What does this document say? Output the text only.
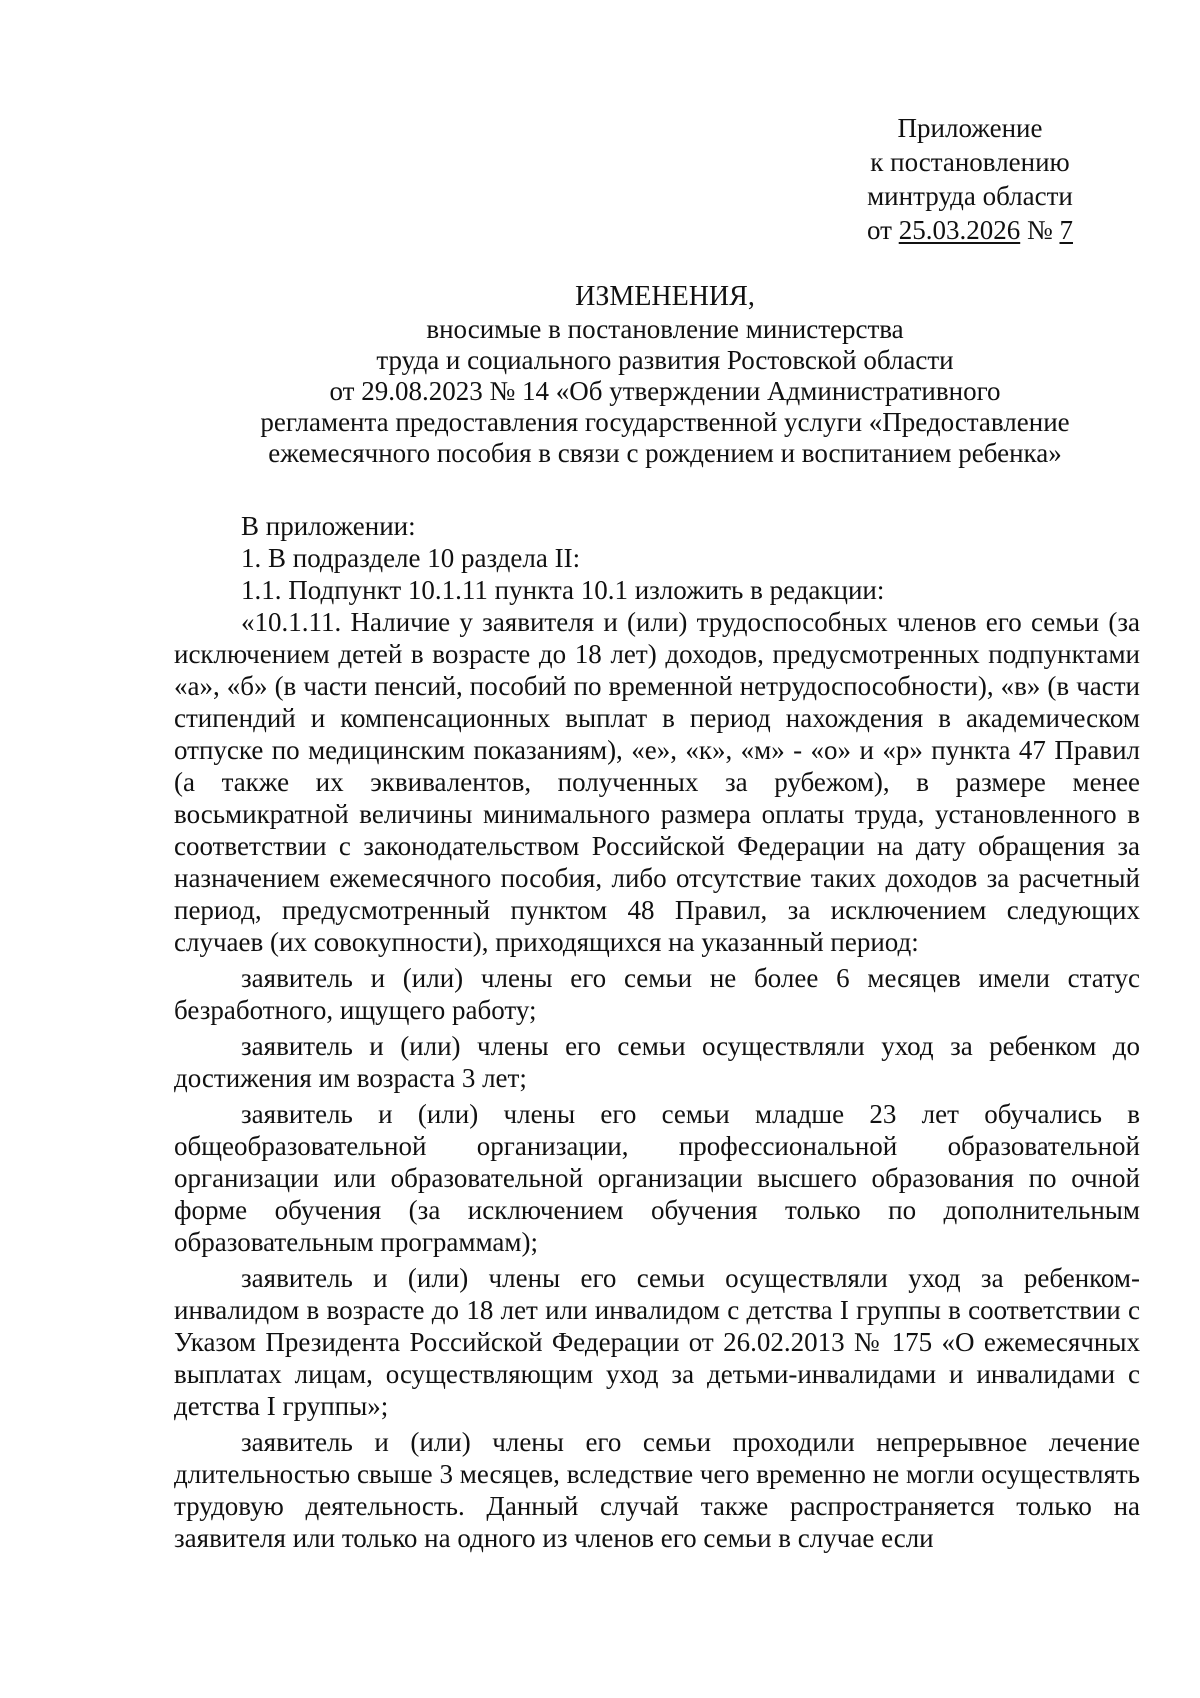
Приложение
к постановлению
минтруда области
от 25.03.2026 № 7
ИЗМЕНЕНИЯ,
вносимые в постановление министерства
труда и социального развития Ростовской области
от 29.08.2023 № 14 «Об утверждении Административного
регламента предоставления государственной услуги «Предоставление
ежемесячного пособия в связи с рождением и воспитанием ребенка»

В приложении:

1. В подразделе 10 раздела II:

1.1. Подпункт 10.1.11 пункта 10.1 изложить в редакции:

«10.1.11. Наличие у заявителя и (или) трудоспособных членов его семьи (за исключением детей в возрасте до 18 лет) доходов, предусмотренных подпунктами «а», «б» (в части пенсий, пособий по временной нетрудоспособности), «в» (в части стипендий и компенсационных выплат в период нахождения в академическом отпуске по медицинским показаниям), «е», «к», «м» - «о» и «р» пункта 47 Правил (а также их эквивалентов, полученных за рубежом), в размере менее восьмикратной величины минимального размера оплаты труда, установленного в соответствии с законодательством Российской Федерации на дату обращения за назначением ежемесячного пособия, либо отсутствие таких доходов за расчетный период, предусмотренный пунктом 48 Правил, за исключением следующих случаев (их совокупности), приходящихся на указанный период:

заявитель и (или) члены его семьи не более 6 месяцев имели статус безработного, ищущего работу;

заявитель и (или) члены его семьи осуществляли уход за ребенком до достижения им возраста 3 лет;

заявитель и (или) члены его семьи младше 23 лет обучались в общеобразовательной организации, профессиональной образовательной организации или образовательной организации высшего образования по очной форме обучения (за исключением обучения только по дополнительным образовательным программам);

заявитель и (или) члены его семьи осуществляли уход за ребенком-инвалидом в возрасте до 18 лет или инвалидом с детства I группы в соответствии с Указом Президента Российской Федерации от 26.02.2013 № 175 «О ежемесячных выплатах лицам, осуществляющим уход за детьми-инвалидами и инвалидами с детства I группы»;

заявитель и (или) члены его семьи проходили непрерывное лечение длительностью свыше 3 месяцев, вследствие чего временно не могли осуществлять трудовую деятельность. Данный случай также распространяется только на заявителя или только на одного из членов его семьи в случае если
